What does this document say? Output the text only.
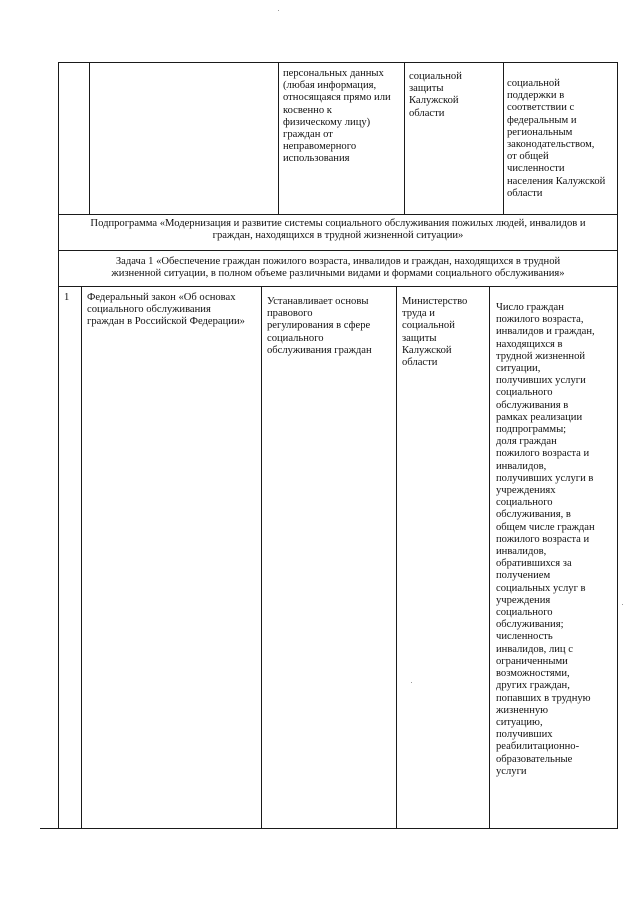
персональных данных
(любая информация,
относящаяся прямо или
косвенно к
физическому лицу)
граждан от
неправомерного
использования
социальной
защиты
Калужской
области
социальной
поддержки в
соответствии с
федеральным и
региональным
законодательством,
от общей
численности
населения Калужской
области
Подпрограмма «Модернизация и развитие системы социального обслуживания пожилых людей, инвалидов и
граждан, находящихся в трудной жизненной ситуации»
Задача 1 «Обеспечение граждан пожилого возраста, инвалидов и граждан, находящихся в трудной
жизненной ситуации, в полном объеме различными видами и формами социального обслуживания»
1	Федеральный закон «Об основах
социального обслуживания
граждан в Российской Федерации»
Устанавливает основы
правового
регулирования в сфере
социального
обслуживания граждан
Министерство
труда и
социальной
защиты
Калужской
области
Число граждан
пожилого возраста,
инвалидов и граждан,
находящихся в
трудной жизненной
ситуации,
получивших услуги
социального
обслуживания в
рамках реализации
подпрограммы;
доля граждан
пожилого возраста и
инвалидов,
получивших услуги в
учреждениях
социального
обслуживания, в
общем числе граждан
пожилого возраста и
инвалидов,
обратившихся за
получением
социальных услуг в
учреждения
социального
обслуживания;
численность
инвалидов, лиц с
ограниченными
возможностями,
других граждан,
попавших в трудную
жизненную
ситуацию,
получивших
реабилитационно-
образовательные
услуги
